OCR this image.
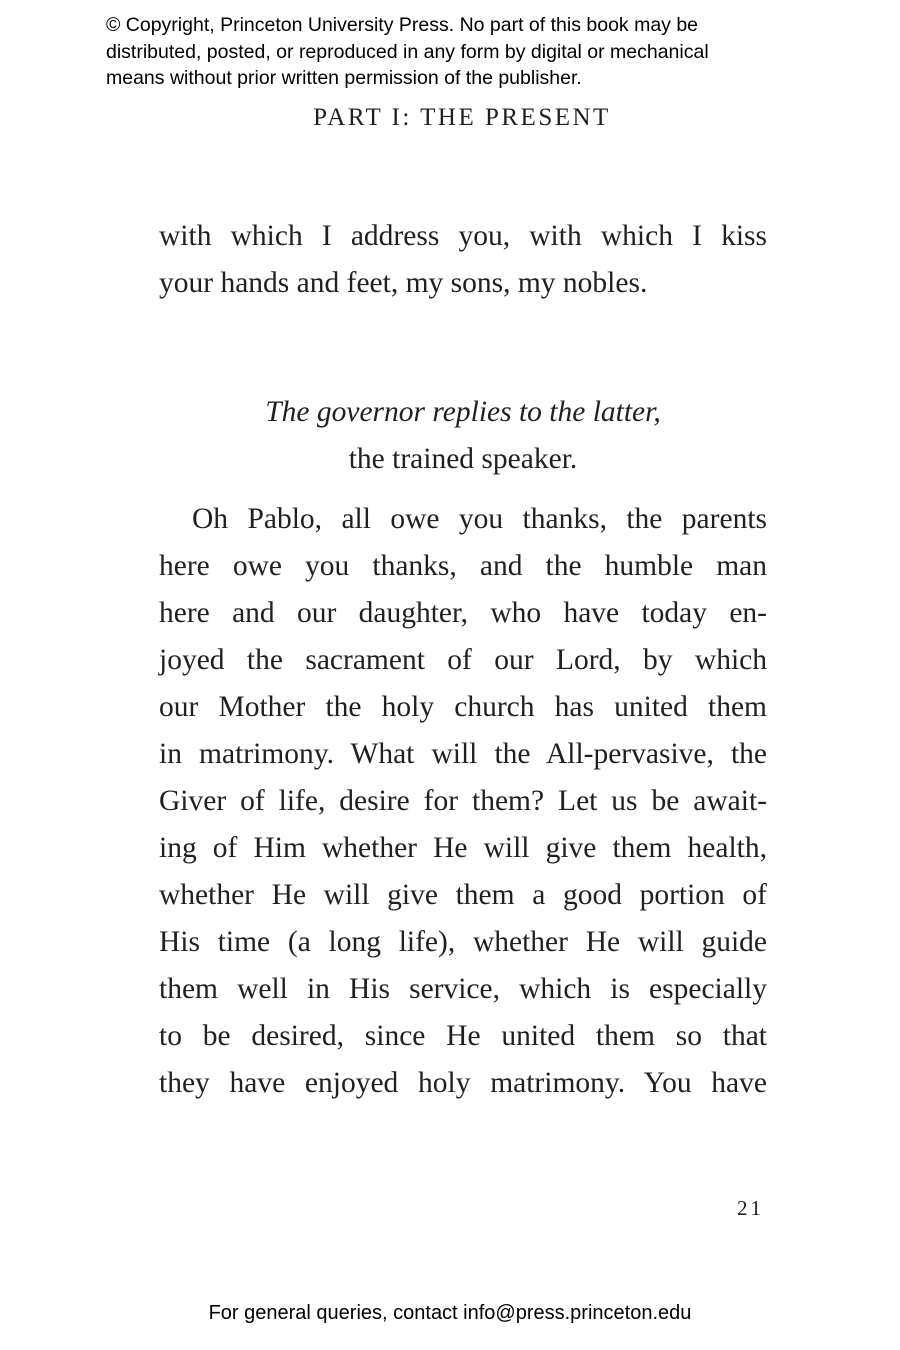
© Copyright, Princeton University Press. No part of this book may be
distributed, posted, or reproduced in any form by digital or mechanical
means without prior written permission of the publisher.
PART I: THE PRESENT
with which I address you, with which I kiss
your hands and feet, my sons, my nobles.
The governor replies to the latter,
the trained speaker.
Oh Pablo, all owe you thanks, the parents
here owe you thanks, and the humble man
here and our daughter, who have today en-
joyed the sacrament of our Lord, by which
our Mother the holy church has united them
in matrimony. What will the All-pervasive, the
Giver of life, desire for them? Let us be await-
ing of Him whether He will give them health,
whether He will give them a good portion of
His time (a long life), whether He will guide
them well in His service, which is especially
to be desired, since He united them so that
they have enjoyed holy matrimony. You have
21
For general queries, contact info@press.princeton.edu
